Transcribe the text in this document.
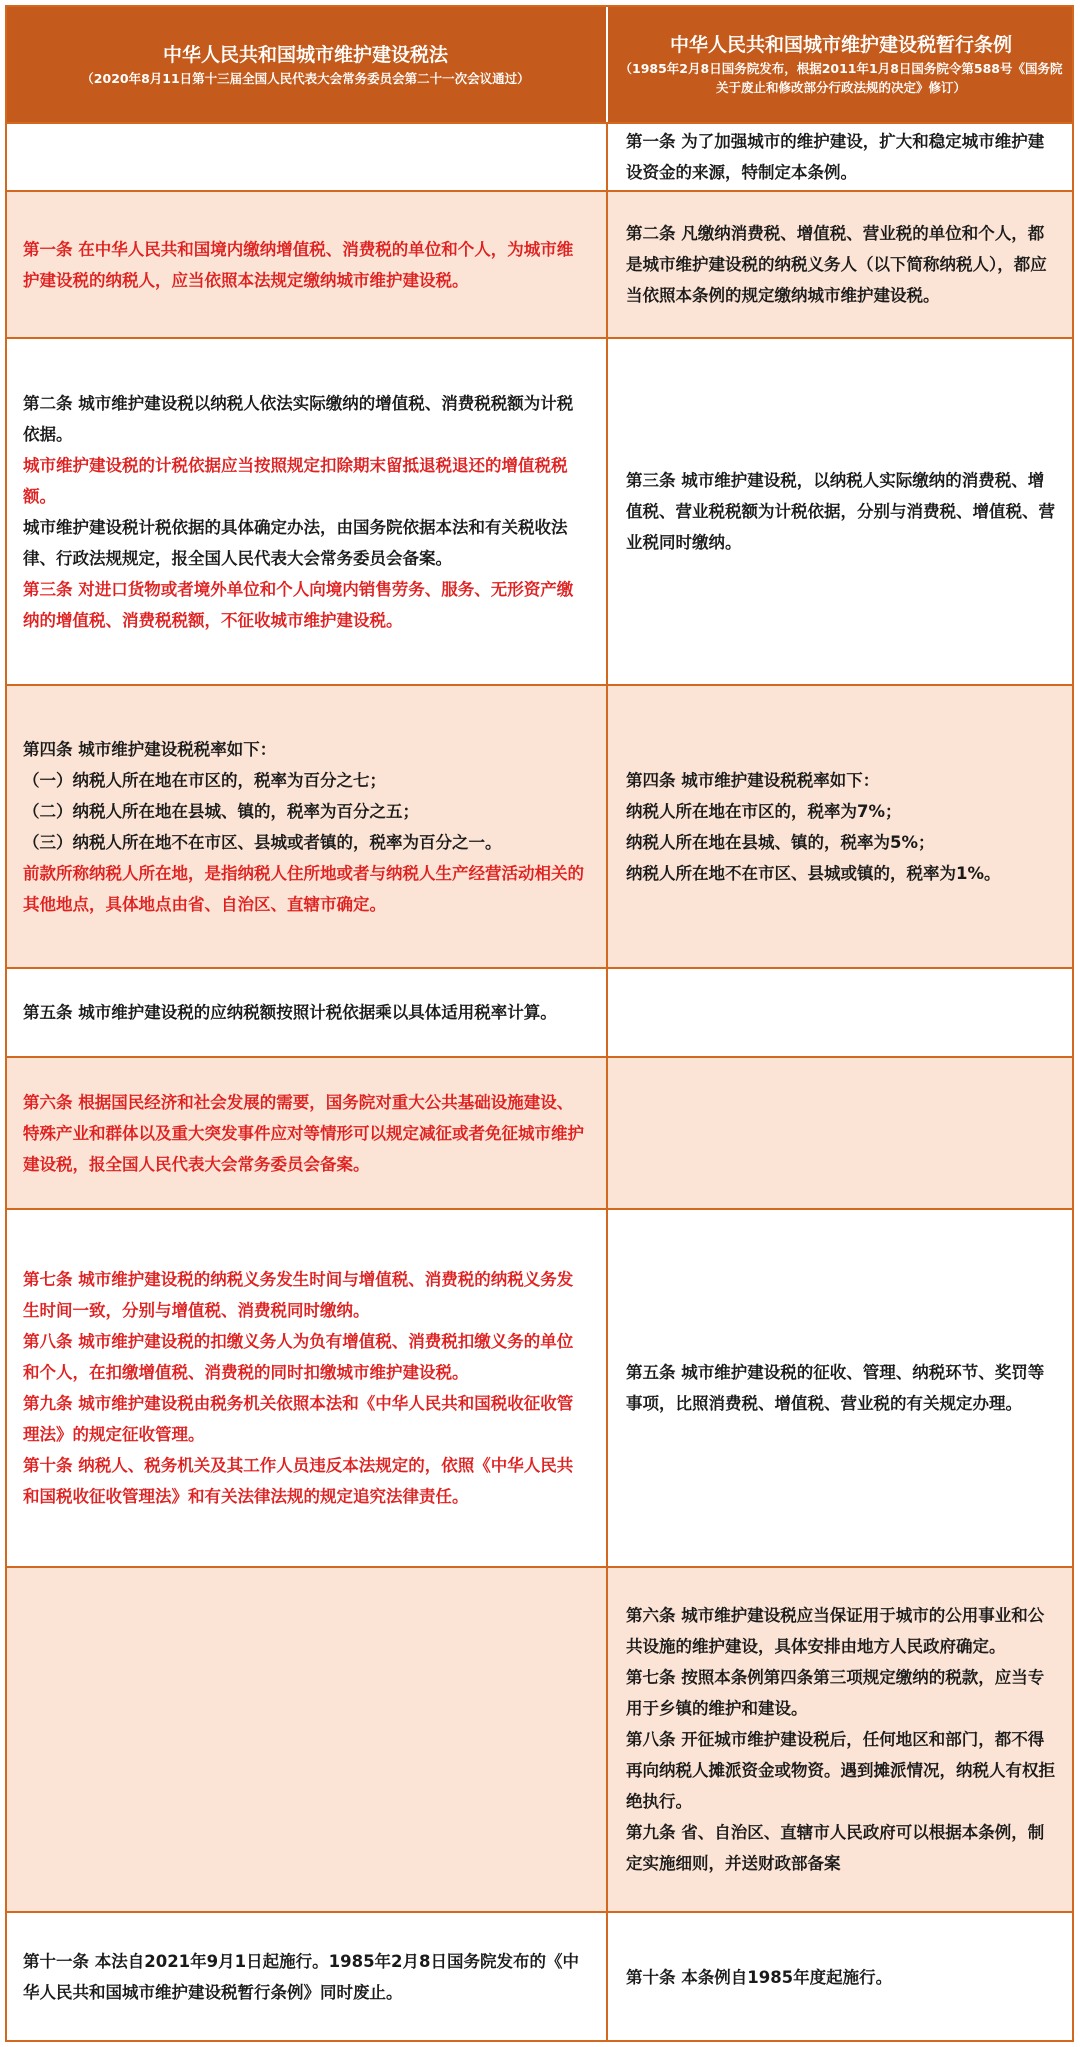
中华人民共和国城市维护建设税法
（2020年8月11日第十三届全国人民代表大会常务委员会第二十一次会议通过）
中华人民共和国城市维护建设税暂行条例
（1985年2月8日国务院发布，根据2011年1月8日国务院令第588号《国务院关于废止和修改部分行政法规的决定》修订）

第一条 为了加强城市的维护建设，扩大和稳定城市维护建设资金的来源，特制定本条例。

第一条 在中华人民共和国境内缴纳增值税、消费税的单位和个人，为城市维护建设税的纳税人，应当依照本法规定缴纳城市维护建设税。

第二条 凡缴纳消费税、增值税、营业税的单位和个人，都是城市维护建设税的纳税义务人（以下简称纳税人），都应当依照本条例的规定缴纳城市维护建设税。

第二条 城市维护建设税以纳税人依法实际缴纳的增值税、消费税税额为计税依据。

城市维护建设税的计税依据应当按照规定扣除期末留抵退税退还的增值税税额。

城市维护建设税计税依据的具体确定办法，由国务院依据本法和有关税收法律、行政法规规定，报全国人民代表大会常务委员会备案。

第三条 对进口货物或者境外单位和个人向境内销售劳务、服务、无形资产缴纳的增值税、消费税税额，不征收城市维护建设税。

第三条 城市维护建设税，以纳税人实际缴纳的消费税、增值税、营业税税额为计税依据，分别与消费税、增值税、营业税同时缴纳。

第四条 城市维护建设税税率如下：

（一）纳税人所在地在市区的，税率为百分之七；

（二）纳税人所在地在县城、镇的，税率为百分之五；

（三）纳税人所在地不在市区、县城或者镇的，税率为百分之一。

前款所称纳税人所在地，是指纳税人住所地或者与纳税人生产经营活动相关的其他地点，具体地点由省、自治区、直辖市确定。

第四条 城市维护建设税税率如下：

纳税人所在地在市区的，税率为7%；

纳税人所在地在县城、镇的，税率为5%；

纳税人所在地不在市区、县城或镇的，税率为1%。

第五条 城市维护建设税的应纳税额按照计税依据乘以具体适用税率计算。

第六条 根据国民经济和社会发展的需要，国务院对重大公共基础设施建设、特殊产业和群体以及重大突发事件应对等情形可以规定减征或者免征城市维护建设税，报全国人民代表大会常务委员会备案。

第七条 城市维护建设税的纳税义务发生时间与增值税、消费税的纳税义务发生时间一致，分别与增值税、消费税同时缴纳。

第八条 城市维护建设税的扣缴义务人为负有增值税、消费税扣缴义务的单位和个人，在扣缴增值税、消费税的同时扣缴城市维护建设税。

第九条 城市维护建设税由税务机关依照本法和《中华人民共和国税收征收管理法》的规定征收管理。

第十条 纳税人、税务机关及其工作人员违反本法规定的，依照《中华人民共和国税收征收管理法》和有关法律法规的规定追究法律责任。

第五条 城市维护建设税的征收、管理、纳税环节、奖罚等事项，比照消费税、增值税、营业税的有关规定办理。

第六条 城市维护建设税应当保证用于城市的公用事业和公共设施的维护建设，具体安排由地方人民政府确定。

第七条 按照本条例第四条第三项规定缴纳的税款，应当专用于乡镇的维护和建设。

第八条 开征城市维护建设税后，任何地区和部门，都不得再向纳税人摊派资金或物资。遇到摊派情况，纳税人有权拒绝执行。

第九条 省、自治区、直辖市人民政府可以根据本条例，制定实施细则，并送财政部备案

第十一条 本法自2021年9月1日起施行。1985年2月8日国务院发布的《中华人民共和国城市维护建设税暂行条例》同时废止。

第十条 本条例自1985年度起施行。
